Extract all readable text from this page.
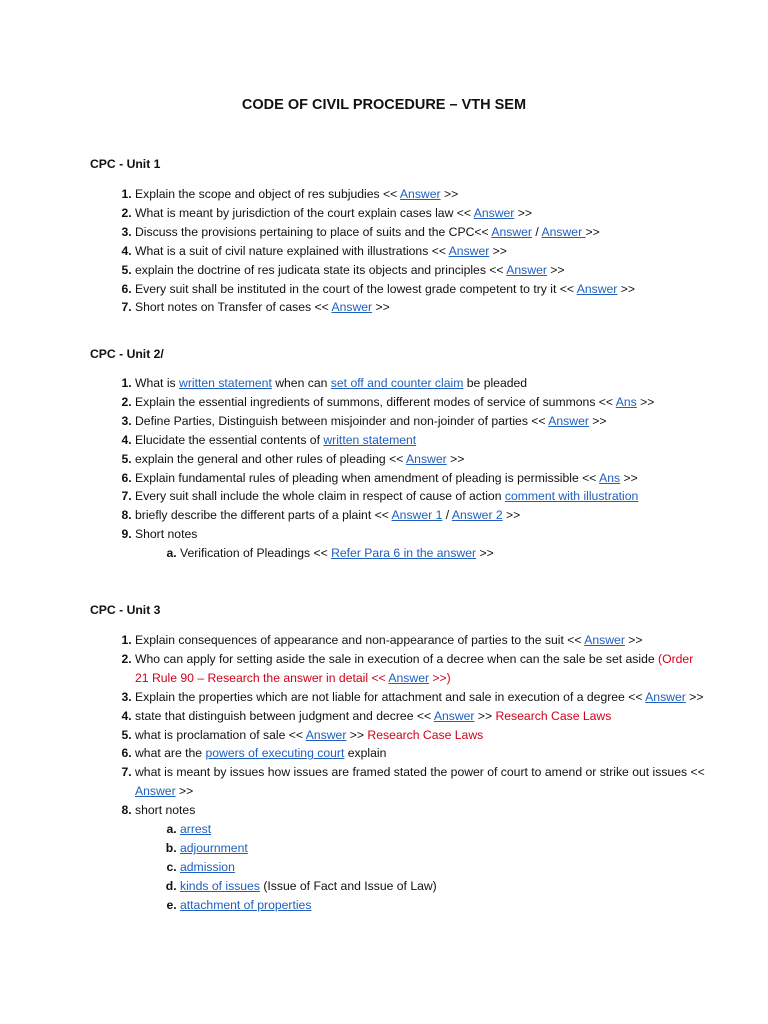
CODE OF CIVIL PROCEDURE – VTH SEM
CPC - Unit 1
1. Explain the scope and object of res subjudies << Answer >>
2. What is meant by jurisdiction of the court explain cases law << Answer >>
3. Discuss the provisions pertaining to place of suits and the CPC<< Answer / Answer >>
4. What is a suit of civil nature explained with illustrations << Answer >>
5. explain the doctrine of res judicata state its objects and principles << Answer >>
6. Every suit shall be instituted in the court of the lowest grade competent to try it << Answer >>
7. Short notes on Transfer of cases << Answer >>
CPC - Unit 2/
1. What is written statement when can set off and counter claim be pleaded
2. Explain the essential ingredients of summons, different modes of service of summons << Ans >>
3. Define Parties, Distinguish between misjoinder and non-joinder of parties << Answer >>
4. Elucidate the essential contents of written statement
5. explain the general and other rules of pleading << Answer >>
6. Explain fundamental rules of pleading when amendment of pleading is permissible << Ans >>
7. Every suit shall include the whole claim in respect of cause of action comment with illustration
8. briefly describe the different parts of a plaint << Answer 1 / Answer 2 >>
9. Short notes
a. Verification of Pleadings << Refer Para 6 in the answer >>
CPC - Unit 3
1. Explain consequences of appearance and non-appearance of parties to the suit << Answer >>
2. Who can apply for setting aside the sale in execution of a decree when can the sale be set aside (Order 21 Rule 90 – Research the answer in detail << Answer >>)
3. Explain the properties which are not liable for attachment and sale in execution of a degree << Answer >>
4. state that distinguish between judgment and decree << Answer >> Research Case Laws
5. what is proclamation of sale << Answer >> Research Case Laws
6. what are the powers of executing court explain
7. what is meant by issues how issues are framed stated the power of court to amend or strike out issues << Answer >>
8. short notes
a. arrest
b. adjournment
c. admission
d. kinds of issues (Issue of Fact and Issue of Law)
e. attachment of properties
